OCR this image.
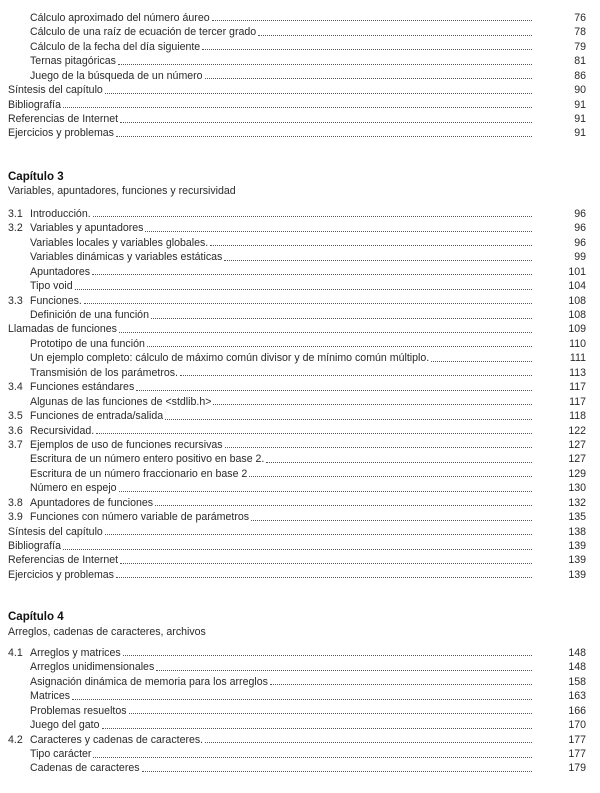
Cálculo aproximado del número áureo	76
Cálculo de una raíz de ecuación de tercer grado	78
Cálculo de la fecha del día siguiente	79
Ternas pitagóricas	81
Juego de la búsqueda de un número	86
Síntesis del capítulo	90
Bibliografía	91
Referencias de Internet	91
Ejercicios y problemas	91
Capítulo 3
Variables, apuntadores, funciones y recursividad
3.1 Introducción.	96
3.2 Variables y apuntadores	96
Variables locales y variables globales.	96
Variables dinámicas y variables estáticas	99
Apuntadores	101
Tipo void	104
3.3 Funciones.	108
Definición de una función	108
Llamadas de funciones	109
Prototipo de una función	110
Un ejemplo completo: cálculo de máximo común divisor y de mínimo común múltiplo.	111
Transmisión de los parámetros.	113
3.4 Funciones estándares	117
Algunas de las funciones de <stdlib.h>	117
3.5 Funciones de entrada/salida	118
3.6 Recursividad.	122
3.7 Ejemplos de uso de funciones recursivas	127
Escritura de un número entero positivo en base 2.	127
Escritura de un número fraccionario en base 2	129
Número en espejo	130
3.8 Apuntadores de funciones	132
3.9 Funciones con número variable de parámetros	135
Síntesis del capítulo	138
Bibliografía	139
Referencias de Internet	139
Ejercicios y problemas	139
Capítulo 4
Arreglos, cadenas de caracteres, archivos
4.1 Arreglos y matrices	148
Arreglos unidimensionales	148
Asignación dinámica de memoria para los arreglos	158
Matrices	163
Problemas resueltos	166
Juego del gato	170
4.2 Caracteres y cadenas de caracteres.	177
Tipo carácter	177
Cadenas de caracteres	179
